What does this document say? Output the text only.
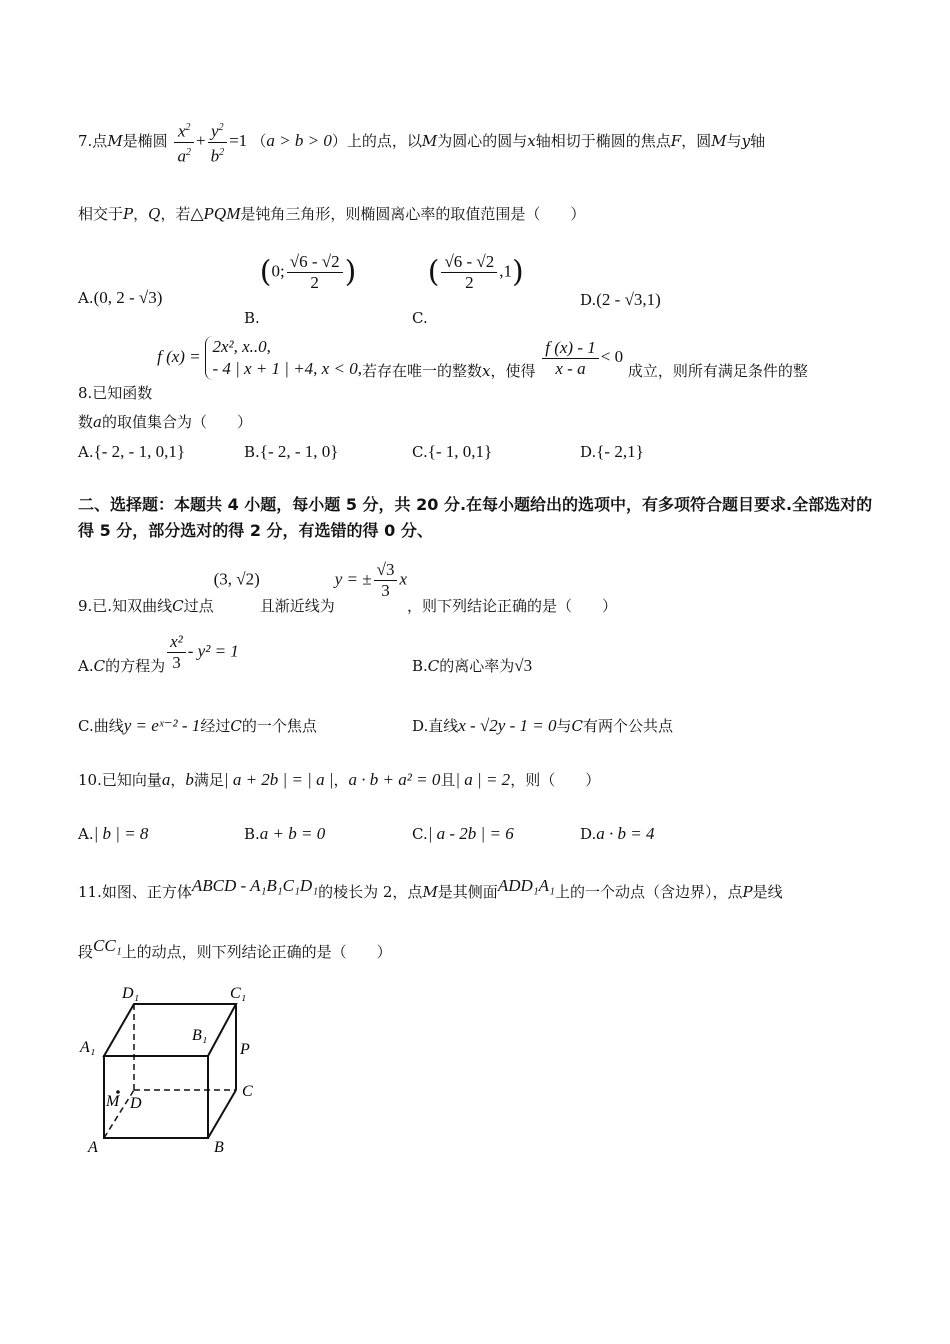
7.点M是椭圆 $\frac{x^2}{a^2} + \frac{y^2}{b^2} =1$ （a > b > 0）上的点，以M为圆心的圆与x轴相切于椭圆的焦点F，圆M与y轴
相交于P，Q，若△PQM是钝角三角形，则椭圆离心率的取值范围是（　　）
A.(0, 2 - √3)
B.(0; $\frac{√6 - √2}{2}$ )
$C.( \frac{√6 - √2}{2} ,1)$
D.(2 - √3,1)
8.已知函数 f (x) =
2x², x..0,
- 4 | x + 1 | +4, x < 0, 若存在唯一的整数x，使得 $\frac{f (x) - 1}{x - a} < 0$ 成立，则所有满足条件的整
数a的取值集合为（　　）
A.{- 2, - 1, 0,1}	B.{- 2, - 1, 0}	C.{- 1, 0,1}	D.{- 2,1}
二、选择题：本题共 4 小题，每小题 5 分，共 20 分.在每小题给出的选项中，有多项符合题目要求.全部选对的得 5 分，部分选对的得 2 分，有选错的得 0 分、
9.已.知双曲线C过点(3, √2)且渐近线为y = ± $\frac{√3}{3}$ x，则下列结论正确的是（　　）
A.C的方程为 $\frac{\text{x²}}{3} - y^2 = 1$
B.C的离心率为√3
C.曲线y = eˣ⁻² - 1经过C的一个焦点	D.直线x - √2y - 1 = 0与C有两个公共点
10.已知向量a，b满足| a + 2b | = | a |，a · b + a² = 0且| a | = 2，则（　　）
A.| b | = 8	B.a + b = 0	C.| a - 2b | = 6	D.a · b = 4
11.如图、正方体ABCD - A₁B₁C₁D₁的棱长为 2，点M是其侧面ADD₁A₁上的一个动点（含边界），点P是线
段CC₁上的动点，则下列结论正确的是（　　）
D₁	C₁
A₁
B₁
P
M D
C
A	B
